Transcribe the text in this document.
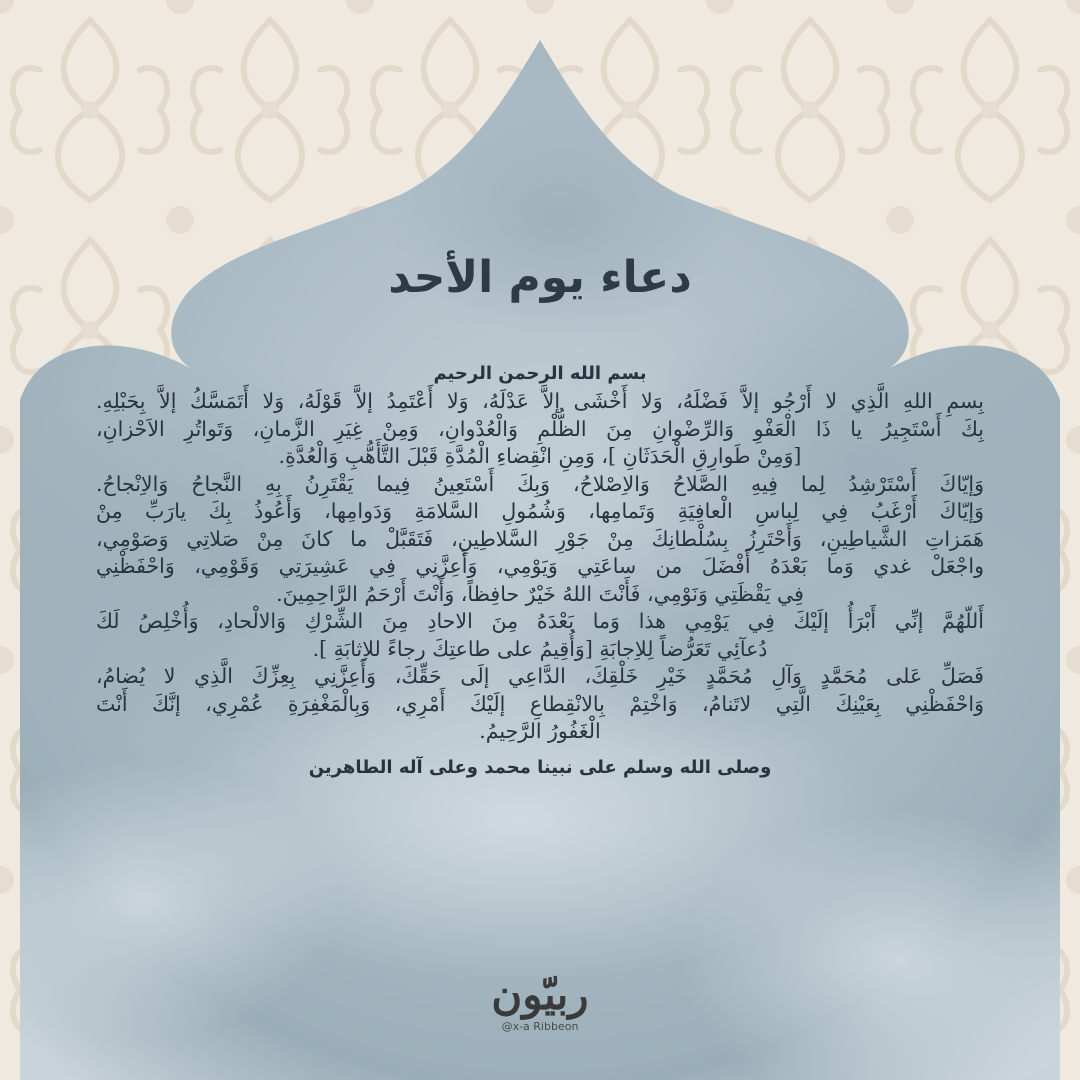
دعاء يوم الأحد
بسم الله الرحمن الرحيم
بِسمِ اللهِ الَّذِي لا أَرْجُو إلاَّ فَضْلَهُ، وَلا أَخْشَى إلاَّ عَدْلَهُ، وَلا أَعْتَمِدُ إلاَّ قَوْلَهُ، وَلا أَتَمَسَّكُ إلاَّ بِحَبْلِهِ.
بِكَ أَسْتَجِيرُ يا ذَا الْعَفْوِ وَالرِّضْوانِ مِنَ الظُّلْمِ وَالْعُدْوانِ، وَمِنْ غِيَرِ الزَّمانِ، وَتَواتُرِ الاَحْزانِ،
[وَمِنْ طَوارِقِ الْحَدَثَانِ ]، وَمِنِ انْقِضاءِ الْمُدَّةِ قَبْلَ التَّأَهُّبِ وَالْعُدَّةِ.
وَإيّاكَ أَسْتَرْشِدُ لِما فِيهِ الصَّلاحُ وَالاِصْلاحُ، وَبِكَ أَسْتَعِينُ فِيما يَقْتَرِنُ بِهِ النَّجاحُ وَالاِنْجاحُ.
وَإيّاكَ أَرْغَبُ فِي لِباسِ الْعافِيَةِ وَتَمامِها، وَشُمُولِ السَّلامَةِ وَدَوامِها، وَأَعُوذُ بِكَ يارَبِّ مِنْ
هَمَزاتِ الشَّياطِينِ، وَأَحْتَرِزُ بِسُلْطانِكَ مِنْ جَوْرِ السَّلاطِينِ، فَتَقَبَّلْ ما كانَ مِنْ صَلاتِي وَصَوْمِي،
واجْعَلْ غدي وَما بَعْدَهُ أَفْضَلَ من ساعَتِي وَيَوْمِي، وَأَعِزَّنِي فِي عَشِيرَتِي وَقَوْمِي، وَاحْفَظْنِي
فِي يَقْظَتِي وَنَوْمِي، فَأَنْتَ اللهُ خَيْرٌ حافِظاً، وَأَنْتَ أَرْحَمُ الرَّاحِمِينَ.
أَللّهُمَّ إنِّي أَبْرَأُ إلَيْكَ فِي يَوْمِي هذا وَما بَعْدَهُ مِنَ الاحادِ مِنَ الشِّرْكِ وَالالْحادِ، وَأُخْلِصُ لَكَ
دُعآئِي تَعَرُّضاً لِلاِجابَةِ [وَأُقِيمُ على طاعتِكَ رجاءً للاِثابَةِ ].
فَصَلِّ عَلى مُحَمَّدٍ وَآلِ مُحَمَّدٍ خَيْرِ خَلْقِكَ، الدَّاعِي إلَى حَقِّكَ، وَأَعِزَّنِي بِعِزِّكَ الَّذِي لا يُضامُ،
وَاحْفَظْنِي بِعَيْنِكَ الَّتِي لاتَنامُ، وَاخْتِمْ بِالانْقِطاعِ إلَيْكَ أَمْرِي، وَبِالْمَغْفِرَةِ عُمْرِي، إنَّكَ أَنْتَ
الْغَفُورُ الرَّحِيمُ.
وصلى الله وسلم على نبينا محمد وعلى آله الطاهرين
ربيّون
@x-a Ribbeon
